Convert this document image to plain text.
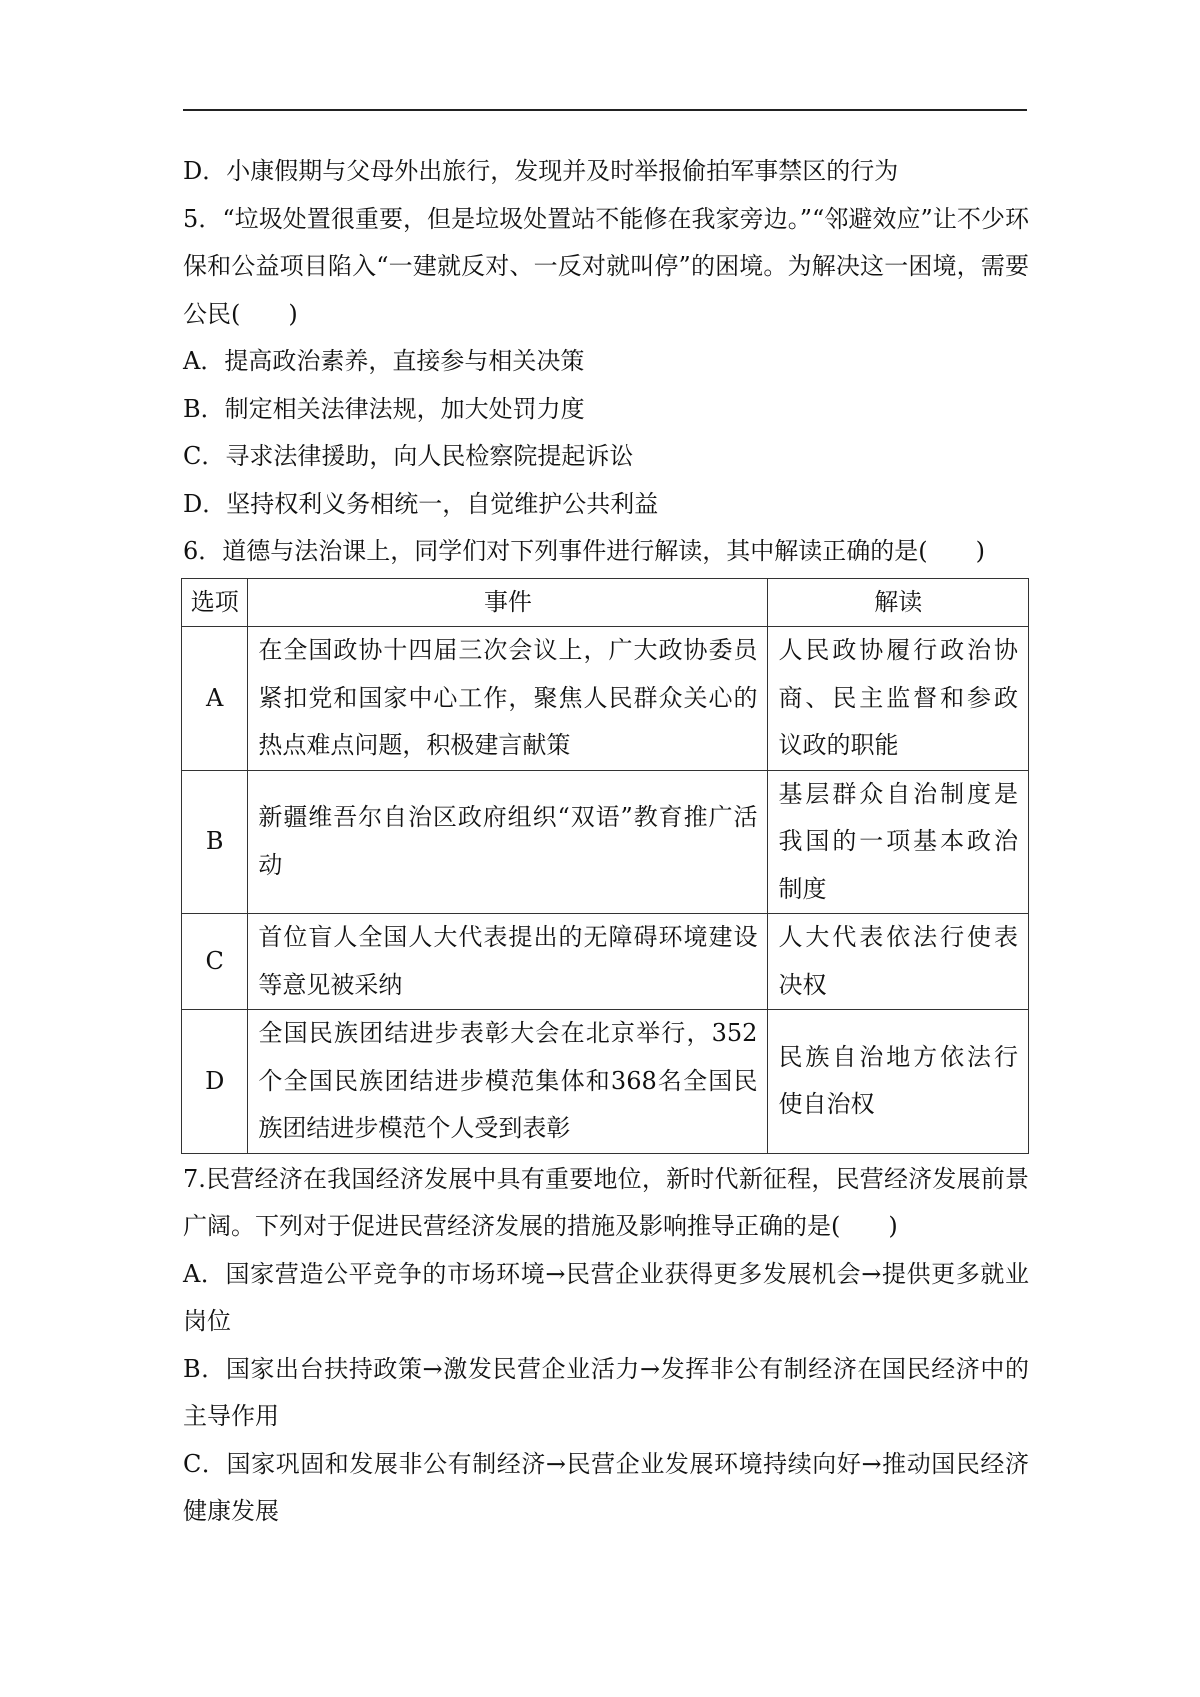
D．小康假期与父母外出旅行，发现并及时举报偷拍军事禁区的行为

5．“垃圾处置很重要，但是垃圾处置站不能修在我家旁边。”“邻避效应”让不少环保和公益项目陷入“一建就反对、一反对就叫停”的困境。为解决这一困境，需要公民(　　)

A．提高政治素养，直接参与相关决策

B．制定相关法律法规，加大处罚力度

C．寻求法律援助，向人民检察院提起诉讼

D．坚持权利义务相统一，自觉维护公共利益

6．道德与法治课上，同学们对下列事件进行解读，其中解读正确的是(　　)

选项	事件	解读
A	在全国政协十四届三次会议上，广大政协委员紧扣党和国家中心工作，聚焦人民群众关心的热点难点问题，积极建言献策	人民政协履行政治协商、民主监督和参政议政的职能
B	新疆维吾尔自治区政府组织“双语”教育推广活动	基层群众自治制度是我国的一项基本政治制度
C	首位盲人全国人大代表提出的无障碍环境建设等意见被采纳	人大代表依法行使表决权
D	全国民族团结进步表彰大会在北京举行，352个全国民族团结进步模范集体和368名全国民族团结进步模范个人受到表彰	民族自治地方依法行使自治权

7.民营经济在我国经济发展中具有重要地位，新时代新征程，民营经济发展前景广阔。下列对于促进民营经济发展的措施及影响推导正确的是(　　)

A．国家营造公平竞争的市场环境→民营企业获得更多发展机会→提供更多就业岗位

B．国家出台扶持政策→激发民营企业活力→发挥非公有制经济在国民经济中的主导作用

C．国家巩固和发展非公有制经济→民营企业发展环境持续向好→推动国民经济健康发展
